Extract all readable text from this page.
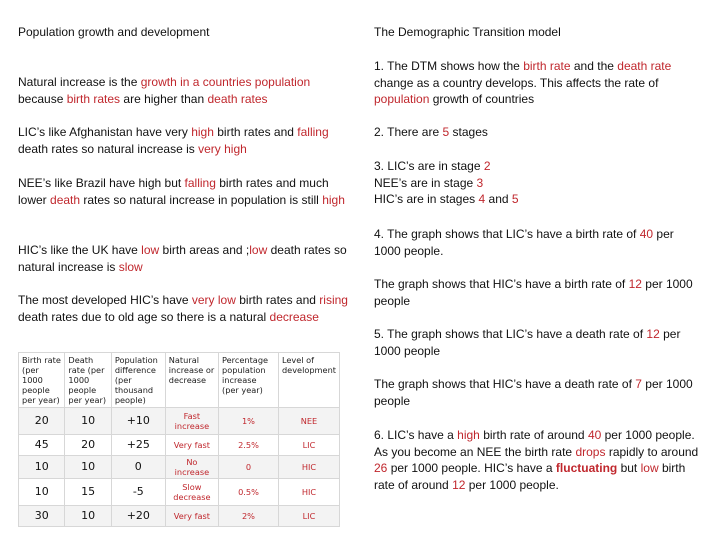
Population growth and development

Natural increase is the growth in a countries population because birth rates are higher than death rates

LIC’s like Afghanistan have very high birth rates and falling death rates so natural increase is very high

NEE’s like Brazil have high but falling birth rates and much lower death rates so natural increase in population is still high

HIC’s like the UK have low birth areas and ;low death rates so natural increase is slow

The most developed HIC’s have very low birth rates and rising death rates due to old age so there is a natural decrease

Birth rate (per 1000 people per year)	Death rate (per 1000 people per year)	Population difference (per thousand people)	Natural increase or decrease	Percentage population increase (per year)	Level of development
20	10	+10	Fast increase	1%	NEE
45	20	+25	Very fast	2.5%	LIC
10	10	0	No increase	0	HIC
10	15	-5	Slow decrease	0.5%	HIC
30	10	+20	Very fast	2%	LIC

The Demographic Transition model

1. The DTM shows how the birth rate and the death rate change as a country develops. This affects the rate of population growth of countries

2. There are 5 stages

3. LIC’s are in stage 2
NEE’s are in stage 3
HIC’s are in stages 4 and 5

4. The graph shows that LIC’s have a birth rate of 40 per 1000 people.

The graph shows that HIC’s have a birth rate of 12 per 1000 people

5. The graph shows that LIC’s have a death rate of 12 per 1000 people

The graph shows that HIC’s have a death rate of 7 per 1000 people

6. LIC’s have a high birth rate of around 40 per 1000 people. As you become an NEE the birth rate drops rapidly to around 26 per 1000 people. HIC’s have a fluctuating but low birth rate of around 12 per 1000 people.
